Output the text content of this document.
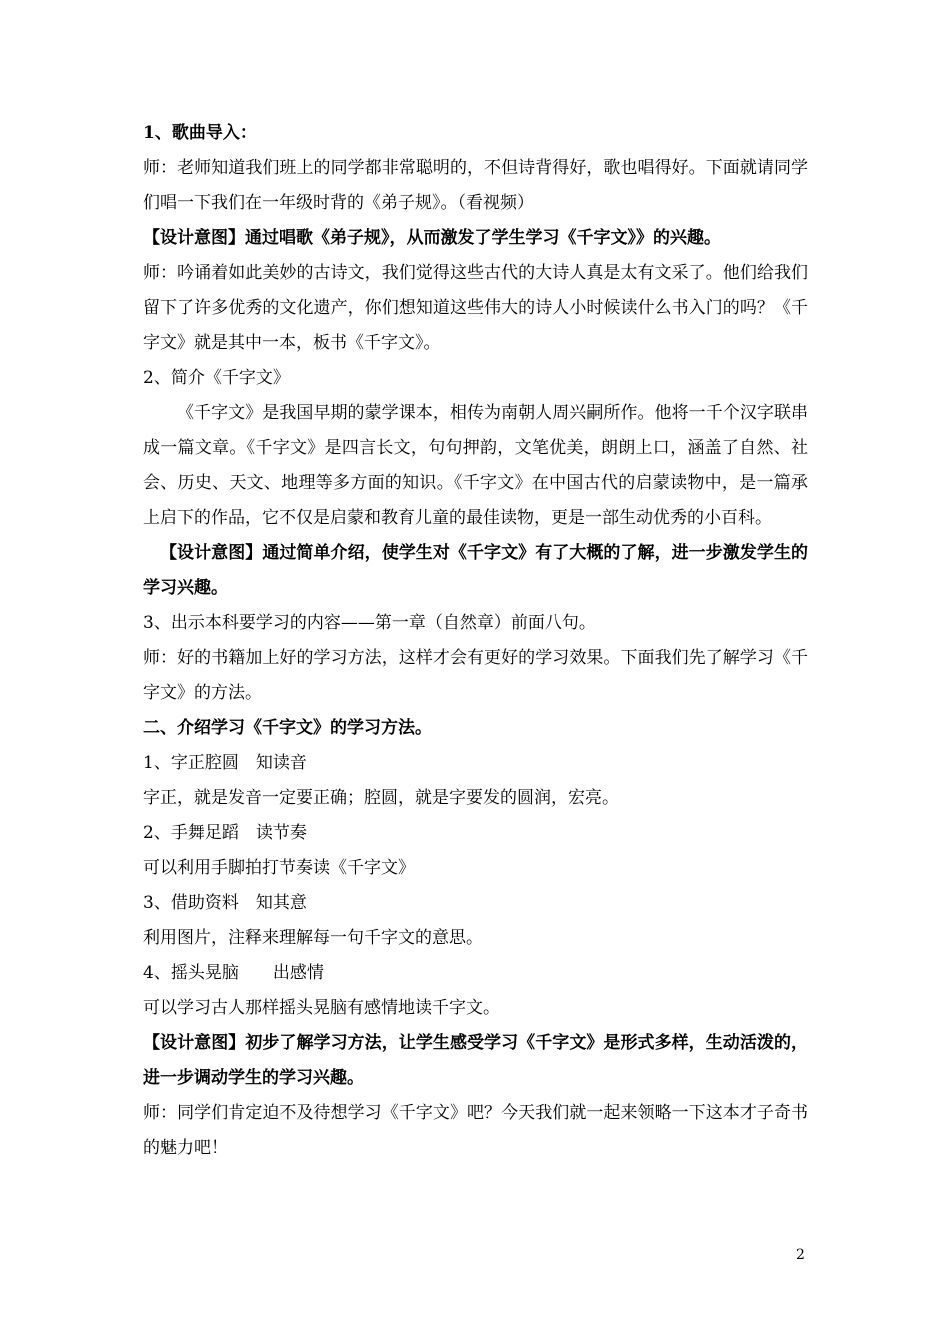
1、歌曲导入：

师：老师知道我们班上的同学都非常聪明的，不但诗背得好，歌也唱得好。下面就请同学们唱一下我们在一年级时背的《弟子规》。（看视频）

【设计意图】通过唱歌《弟子规》，从而激发了学生学习《千字文》》的兴趣。

师：吟诵着如此美妙的古诗文，我们觉得这些古代的大诗人真是太有文采了。他们给我们留下了许多优秀的文化遗产，你们想知道这些伟大的诗人小时候读什么书入门的吗？《千字文》就是其中一本，板书《千字文》。

2、简介《千字文》

《千字文》是我国早期的蒙学课本，相传为南朝人周兴嗣所作。他将一千个汉字联串成一篇文章。《千字文》是四言长文，句句押韵，文笔优美，朗朗上口，涵盖了自然、社会、历史、天文、地理等多方面的知识。《千字文》在中国古代的启蒙读物中，是一篇承上启下的作品，它不仅是启蒙和教育儿童的最佳读物，更是一部生动优秀的小百科。

【设计意图】通过简单介绍，使学生对《千字文》有了大概的了解，进一步激发学生的学习兴趣。

3、出示本科要学习的内容——第一章（自然章）前面八句。

师：好的书籍加上好的学习方法，这样才会有更好的学习效果。下面我们先了解学习《千字文》的方法。

二、介绍学习《千字文》的学习方法。

1、字正腔圆　知读音

字正，就是发音一定要正确；腔圆，就是字要发的圆润，宏亮。

2、手舞足蹈　读节奏

可以利用手脚拍打节奏读《千字文》

3、借助资料　知其意

利用图片，注释来理解每一句千字文的意思。

4、摇头晃脑　　出感情

可以学习古人那样摇头晃脑有感情地读千字文。

【设计意图】初步了解学习方法，让学生感受学习《千字文》是形式多样，生动活泼的，进一步调动学生的学习兴趣。

师：同学们肯定迫不及待想学习《千字文》吧？今天我们就一起来领略一下这本才子奇书的魅力吧！

2
